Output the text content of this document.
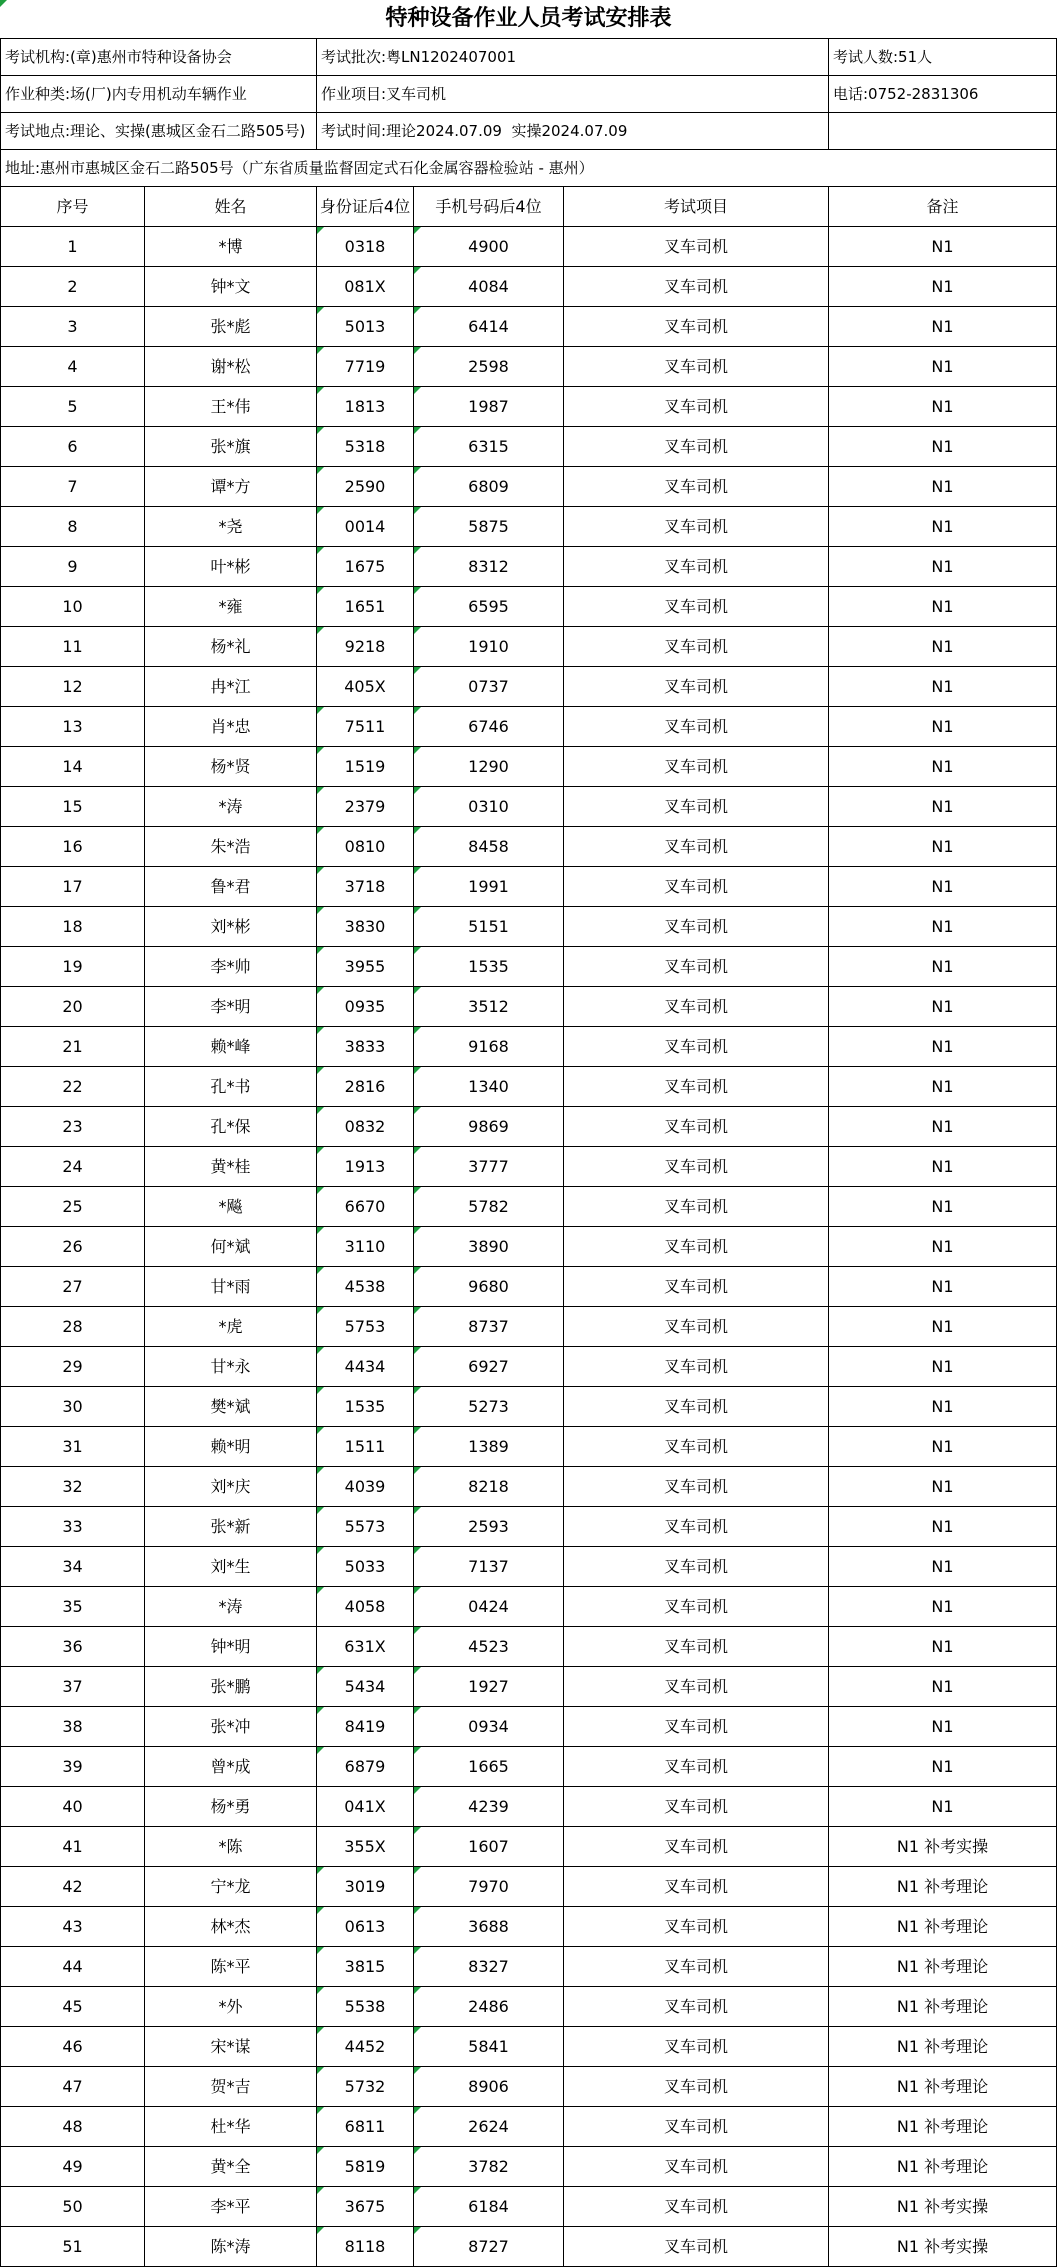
特种设备作业人员考试安排表
考试机构:(章)惠州市特种设备协会	考试批次:粤LN1202407001	考试人数:51人
作业种类:场(厂)内专用机动车辆作业	作业项目:叉车司机	电话:0752-2831306
考试地点:理论、实操(惠城区金石二路505号)	考试时间:理论2024.07.09  实操2024.07.09
地址:惠州市惠城区金石二路505号（广东省质量监督固定式石化金属容器检验站 - 惠州）
序号	姓名	身份证后4位	手机号码后4位	考试项目	备注
1	*博	0318	4900	叉车司机	N1
2	钟*文	081X	4084	叉车司机	N1
3	张*彪	5013	6414	叉车司机	N1
4	谢*松	7719	2598	叉车司机	N1
5	王*伟	1813	1987	叉车司机	N1
6	张*旗	5318	6315	叉车司机	N1
7	谭*方	2590	6809	叉车司机	N1
8	*尧	0014	5875	叉车司机	N1
9	叶*彬	1675	8312	叉车司机	N1
10	*雍	1651	6595	叉车司机	N1
11	杨*礼	9218	1910	叉车司机	N1
12	冉*江	405X	0737	叉车司机	N1
13	肖*忠	7511	6746	叉车司机	N1
14	杨*贤	1519	1290	叉车司机	N1
15	*涛	2379	0310	叉车司机	N1
16	朱*浩	0810	8458	叉车司机	N1
17	鲁*君	3718	1991	叉车司机	N1
18	刘*彬	3830	5151	叉车司机	N1
19	李*帅	3955	1535	叉车司机	N1
20	李*明	0935	3512	叉车司机	N1
21	赖*峰	3833	9168	叉车司机	N1
22	孔*书	2816	1340	叉车司机	N1
23	孔*保	0832	9869	叉车司机	N1
24	黄*桂	1913	3777	叉车司机	N1
25	*飚	6670	5782	叉车司机	N1
26	何*斌	3110	3890	叉车司机	N1
27	甘*雨	4538	9680	叉车司机	N1
28	*虎	5753	8737	叉车司机	N1
29	甘*永	4434	6927	叉车司机	N1
30	樊*斌	1535	5273	叉车司机	N1
31	赖*明	1511	1389	叉车司机	N1
32	刘*庆	4039	8218	叉车司机	N1
33	张*新	5573	2593	叉车司机	N1
34	刘*生	5033	7137	叉车司机	N1
35	*涛	4058	0424	叉车司机	N1
36	钟*明	631X	4523	叉车司机	N1
37	张*鹏	5434	1927	叉车司机	N1
38	张*冲	8419	0934	叉车司机	N1
39	曾*成	6879	1665	叉车司机	N1
40	杨*勇	041X	4239	叉车司机	N1
41	*陈	355X	1607	叉车司机	N1 补考实操
42	宁*龙	3019	7970	叉车司机	N1 补考理论
43	林*杰	0613	3688	叉车司机	N1 补考理论
44	陈*平	3815	8327	叉车司机	N1 补考理论
45	*外	5538	2486	叉车司机	N1 补考理论
46	宋*谋	4452	5841	叉车司机	N1 补考理论
47	贺*吉	5732	8906	叉车司机	N1 补考理论
48	杜*华	6811	2624	叉车司机	N1 补考理论
49	黄*全	5819	3782	叉车司机	N1 补考理论
50	李*平	3675	6184	叉车司机	N1 补考实操
51	陈*涛	8118	8727	叉车司机	N1 补考实操
